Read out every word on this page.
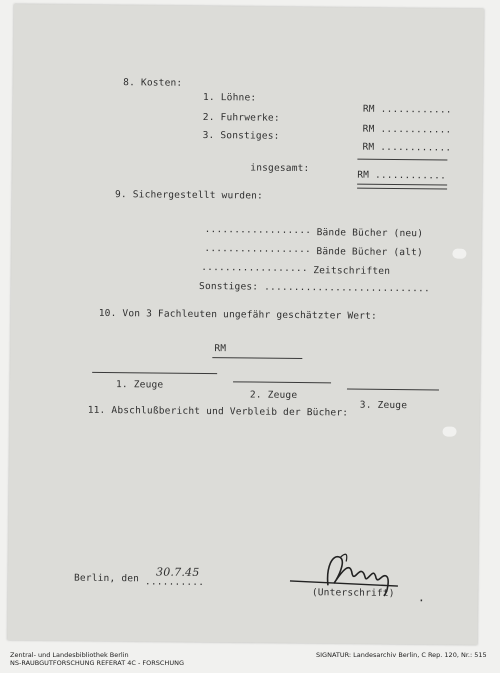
8. Kosten:
1. Löhne:
RM ............
2. Fuhrwerke:
RM ............
3. Sonstiges:
RM ............
insgesamt:
RM ............
9. Sichergestellt wurden:
.................. Bände Bücher (neu)
.................. Bände Bücher (alt)
.................. Zeitschriften
Sonstiges: ............................
10. Von 3 Fachleuten ungefähr geschätzter Wert:
RM
1. Zeuge
2. Zeuge
3. Zeuge
11. Abschlußbericht und Verbleib der Bücher:
Berlin, den ..........
30.7.45
(Unterschrift) .
Zentral- und Landesbibliothek Berlin
NS-RAUBGUTFORSCHUNG REFERAT 4C - FORSCHUNG
SIGNATUR: Landesarchiv Berlin, C Rep. 120, Nr.: 515
